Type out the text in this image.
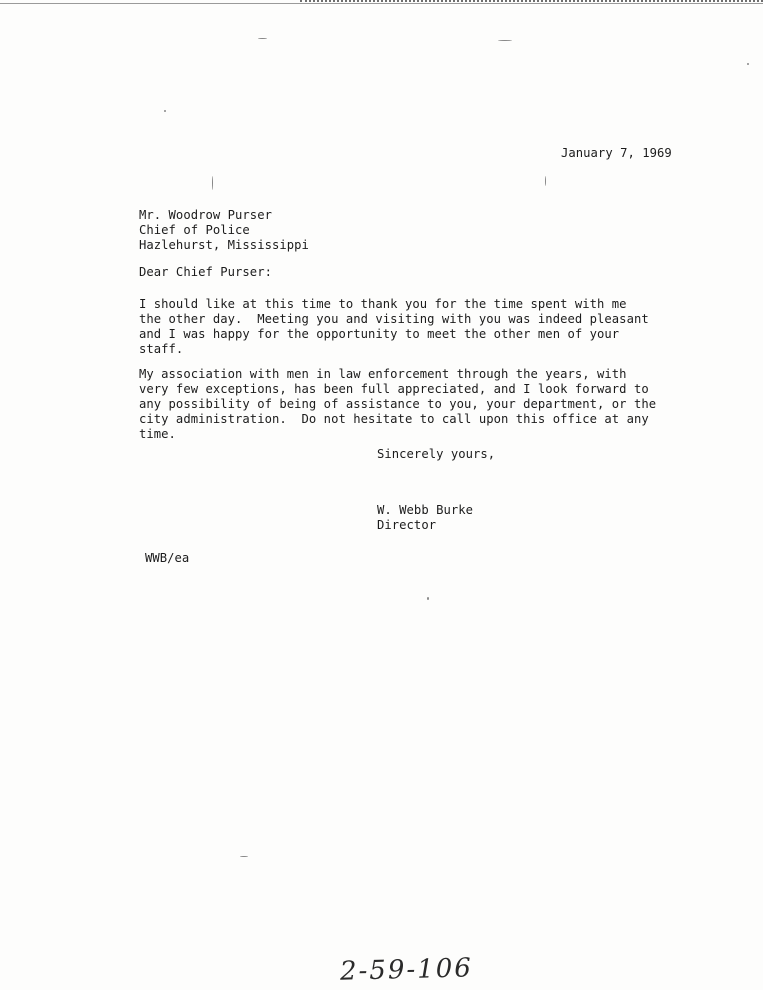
January 7, 1969
Mr. Woodrow Purser
Chief of Police
Hazlehurst, Mississippi
Dear Chief Purser:
I should like at this time to thank you for the time spent with me
the other day.  Meeting you and visiting with you was indeed pleasant
and I was happy for the opportunity to meet the other men of your
staff.
My association with men in law enforcement through the years, with
very few exceptions, has been full appreciated, and I look forward to
any possibility of being of assistance to you, your department, or the
city administration.  Do not hesitate to call upon this office at any
time.
Sincerely yours,
W. Webb Burke
Director
WWB/ea
2-59-106
